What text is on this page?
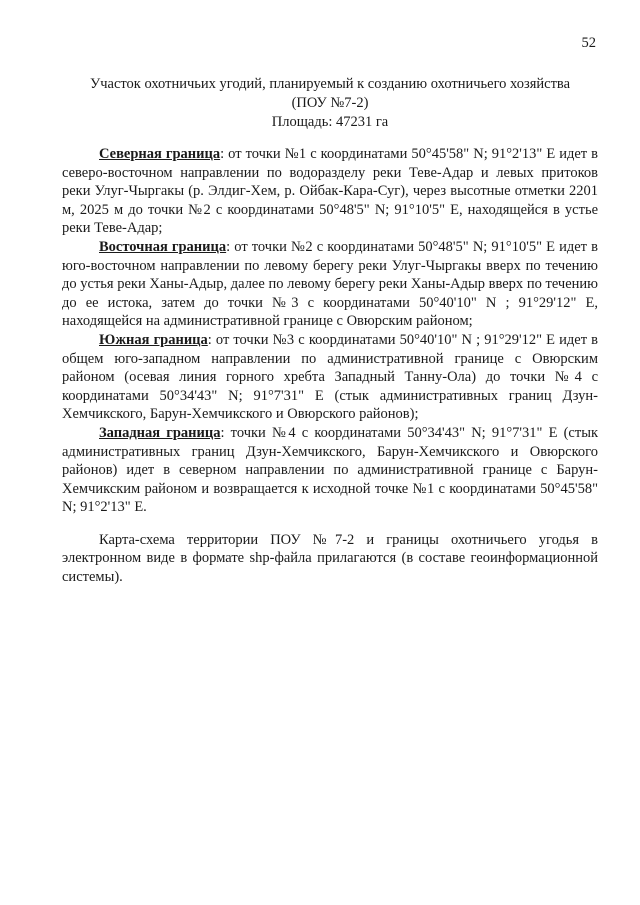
52
Участок охотничьих угодий, планируемый к созданию охотничьего хозяйства
(ПОУ №7-2)
Площадь: 47231 га

Северная граница: от точки №1 с координатами 50°45'58" N; 91°2'13" E идет в северо-восточном направлении по водоразделу реки Теве-Адар и левых притоков реки Улуг-Чыргакы (р. Элдиг-Хем, р. Ойбак-Кара-Суг), через высотные отметки 2201 м, 2025 м до точки №2 с координатами 50°48'5" N; 91°10'5" E, находящейся в устье реки Теве-Адар;

Восточная граница: от точки №2 с координатами 50°48'5" N; 91°10'5" E идет в юго-восточном направлении по левому берегу реки Улуг-Чыргакы вверх по течению до устья реки Ханы-Адыр, далее по левому берегу реки Ханы-Адыр вверх по течению до ее истока, затем до точки №3 с координатами 50°40'10" N ; 91°29'12" E, находящейся на административной границе с Овюрским районом;

Южная граница: от точки №3 с координатами 50°40'10" N ; 91°29'12" E идет в общем юго-западном направлении по административной границе с Овюрским районом (осевая линия горного хребта Западный Танну-Ола) до точки №4 с координатами 50°34'43" N; 91°7'31" E (стык административных границ Дзун-Хемчикского, Барун-Хемчикского и Овюрского районов);

Западная граница: точки №4 с координатами 50°34'43" N; 91°7'31" E (стык административных границ Дзун-Хемчикского, Барун-Хемчикского и Овюрского районов) идет в северном направлении по административной границе с Барун-Хемчикским районом и возвращается к исходной точке №1 с координатами 50°45'58" N; 91°2'13" E.

Карта-схема территории ПОУ №7-2 и границы охотничьего угодья в электронном виде в формате shp-файла прилагаются (в составе геоинформационной системы).
